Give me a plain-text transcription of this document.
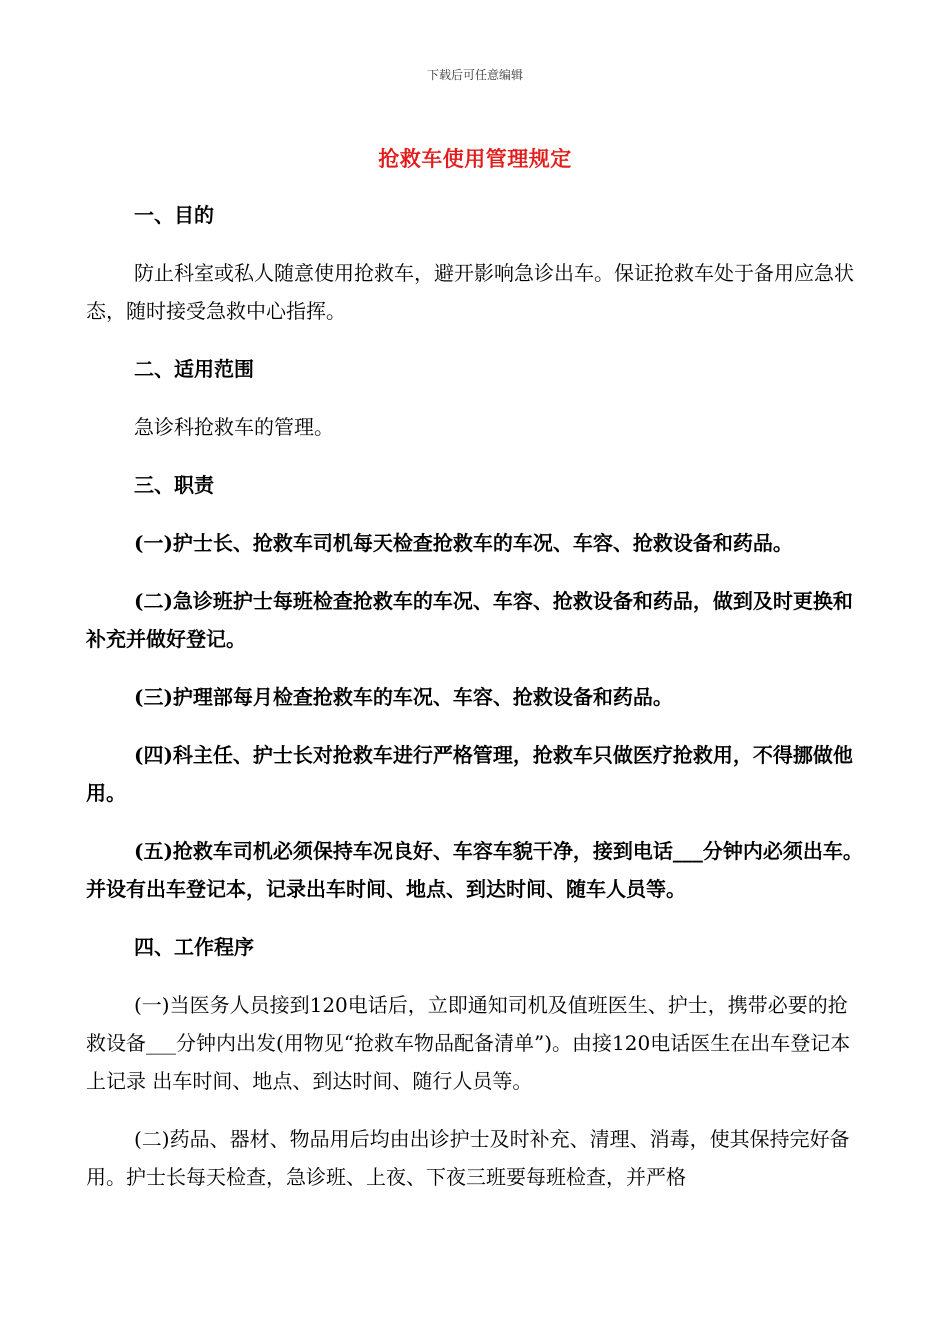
下载后可任意编辑
抢救车使用管理规定

一、目的

防止科室或私人随意使用抢救车，避开影响急诊出车。保证抢救车处于备用应急状态，随时接受急救中心指挥。

二、适用范围

急诊科抢救车的管理。

三、职责

(一)护士长、抢救车司机每天检查抢救车的车况、车容、抢救设备和药品。

(二)急诊班护士每班检查抢救车的车况、车容、抢救设备和药品，做到及时更换和补充并做好登记。

(三)护理部每月检查抢救车的车况、车容、抢救设备和药品。

(四)科主任、护士长对抢救车进行严格管理，抢救车只做医疗抢救用，不得挪做他用。

(五)抢救车司机必须保持车况良好、车容车貌干净，接到电话___分钟内必须出车。并设有出车登记本，记录出车时间、地点、到达时间、随车人员等。

四、工作程序

(一)当医务人员接到120电话后，立即通知司机及值班医生、护士，携带必要的抢救设备___分钟内出发(用物见“抢救车物品配备清单”)。由接120电话医生在出车登记本上记录 出车时间、地点、到达时间、随行人员等。

(二)药品、器材、物品用后均由出诊护士及时补充、清理、消毒，使其保持完好备用。护士长每天检查，急诊班、上夜、下夜三班要每班检查，并严格
